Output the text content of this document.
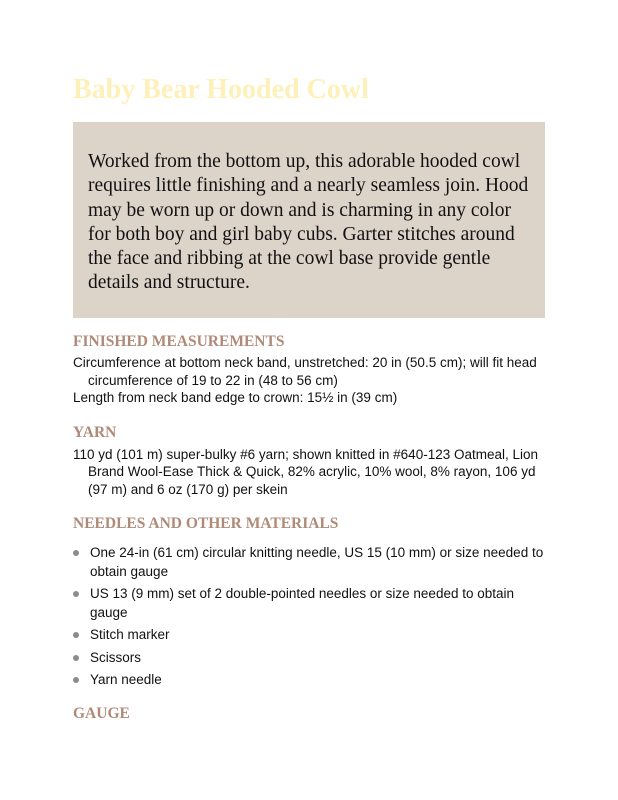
Baby Bear Hooded Cowl

Worked from the bottom up, this adorable hooded cowl requires little finishing and a nearly seamless join. Hood may be worn up or down and is charming in any color for both boy and girl baby cubs. Garter stitches around the face and ribbing at the cowl base provide gentle details and structure.

FINISHED MEASUREMENTS

Circumference at bottom neck band, unstretched: 20 in (50.5 cm); will fit head circumference of 19 to 22 in (48 to 56 cm)

Length from neck band edge to crown: 15½ in (39 cm)

YARN

110 yd (101 m) super-bulky #6 yarn; shown knitted in #640-123 Oatmeal, Lion Brand Wool-Ease Thick & Quick, 82% acrylic, 10% wool, 8% rayon, 106 yd (97 m) and 6 oz (170 g) per skein

NEEDLES AND OTHER MATERIALS
One 24-in (61 cm) circular knitting needle, US 15 (10 mm) or size needed to obtain gauge
US 13 (9 mm) set of 2 double-pointed needles or size needed to obtain gauge
Stitch marker
Scissors
Yarn needle
GAUGE
